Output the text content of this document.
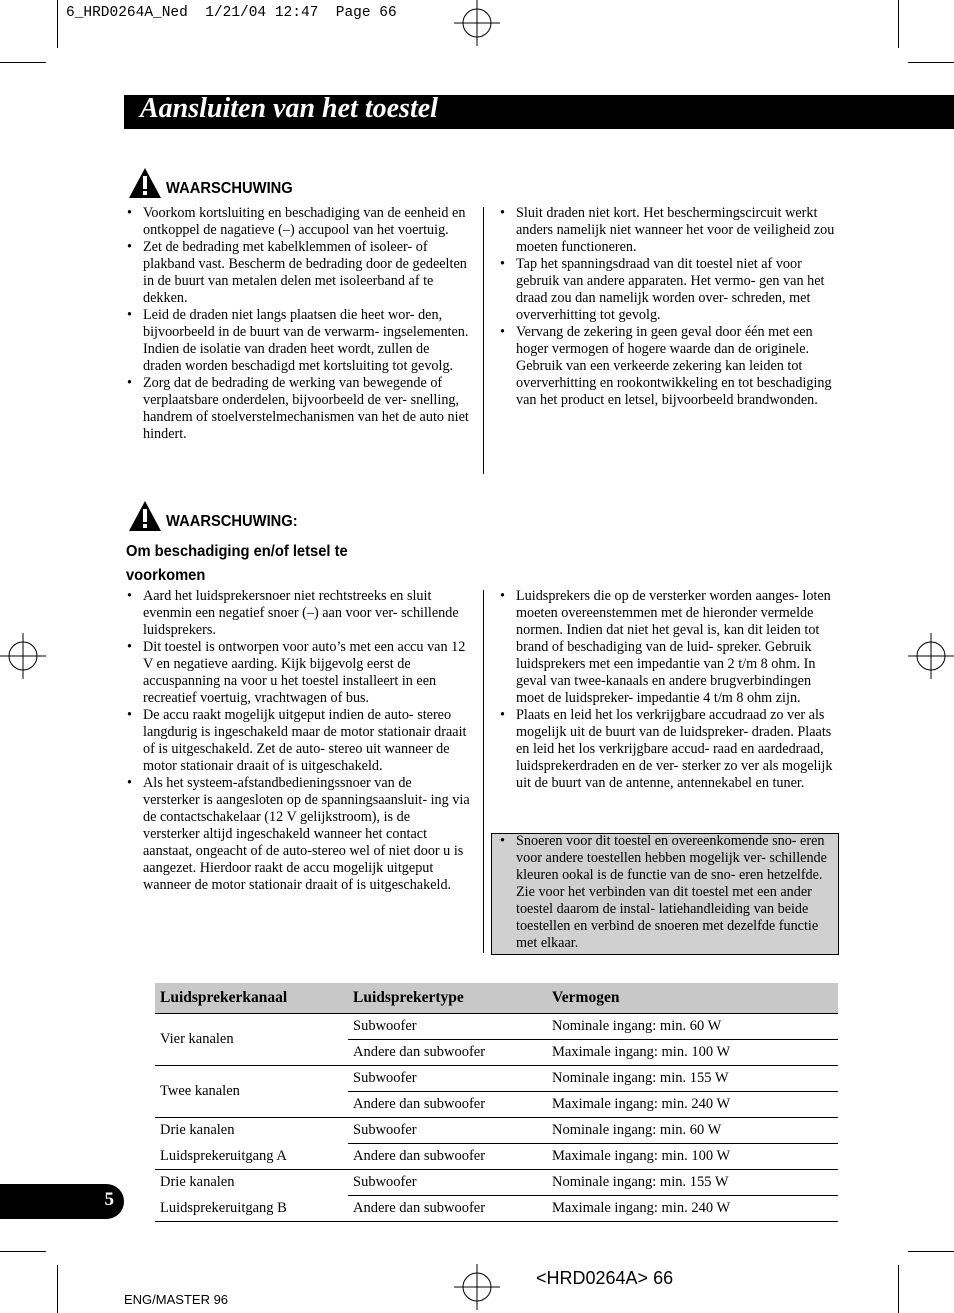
6_HRD0264A_Ned  1/21/04 12:47  Page 66
Aansluiten van het toestel
WAARSCHUWING
• Voorkom kortsluiting en beschadiging van de eenheid en ontkoppel de nagatieve (–) accupool van het voertuig.
• Zet de bedrading met kabelklemmen of isoleer- of plakband vast. Bescherm de bedrading door de gedeelten in de buurt van metalen delen met isoleerband af te dekken.
• Leid de draden niet langs plaatsen die heet wor- den, bijvoorbeeld in de buurt van de verwarm- ingselementen. Indien de isolatie van draden heet wordt, zullen de draden worden beschadigd met kortsluiting tot gevolg.
• Zorg dat de bedrading de werking van bewegende of verplaatsbare onderdelen, bijvoorbeeld de ver- snelling, handrem of stoelverstelmechanismen van het de auto niet hindert.
• Sluit draden niet kort. Het beschermingscircuit werkt anders namelijk niet wanneer het voor de veiligheid zou moeten functioneren.
• Tap het spanningsdraad van dit toestel niet af voor gebruik van andere apparaten. Het vermo- gen van het draad zou dan namelijk worden over- schreden, met oververhitting tot gevolg.
• Vervang de zekering in geen geval door één met een hoger vermogen of hogere waarde dan de originele. Gebruik van een verkeerde zekering kan leiden tot oververhitting en rookontwikkeling en tot beschadiging van het product en letsel, bijvoorbeeld brandwonden.
WAARSCHUWING:
Om beschadiging en/of letsel te
voorkomen
• Aard het luidsprekersnoer niet rechtstreeks en sluit evenmin een negatief snoer (–) aan voor ver- schillende luidsprekers.
• Dit toestel is ontworpen voor auto’s met een accu van 12 V en negatieve aarding. Kijk bijgevolg eerst de accuspanning na voor u het toestel installeert in een recreatief voertuig, vrachtwagen of bus.
• De accu raakt mogelijk uitgeput indien de auto- stereo langdurig is ingeschakeld maar de motor stationair draait of is uitgeschakeld. Zet de auto- stereo uit wanneer de motor stationair draait of is uitgeschakeld.
• Als het systeem-afstandbedieningssnoer van de versterker is aangesloten op de spanningsaansluit- ing via de contactschakelaar (12 V gelijkstroom), is de versterker altijd ingeschakeld wanneer het contact aanstaat, ongeacht of de auto-stereo wel of niet door u is aangezet. Hierdoor raakt de accu mogelijk uitgeput wanneer de motor stationair draait of is uitgeschakeld.
• Luidsprekers die op de versterker worden aanges- loten moeten overeenstemmen met de hieronder vermelde normen. Indien dat niet het geval is, kan dit leiden tot brand of beschadiging van de luid- spreker. Gebruik luidsprekers met een impedantie van 2 t/m 8 ohm. In geval van twee-kanaals en andere brugverbindingen moet de luidspreker- impedantie 4 t/m 8 ohm zijn.
• Plaats en leid het los verkrijgbare accudraad zo ver als mogelijk uit de buurt van de luidspreker- draden. Plaats en leid het los verkrijgbare accud- raad en aardedraad, luidsprekerdraden en de ver- sterker zo ver als mogelijk uit de buurt van de antenne, antennekabel en tuner.
• Snoeren voor dit toestel en overeenkomende sno- eren voor andere toestellen hebben mogelijk ver- schillende kleuren ookal is de functie van de sno- eren hetzelfde. Zie voor het verbinden van dit toestel met een ander toestel daarom de instal- latiehandleiding van beide toestellen en verbind de snoeren met dezelfde functie met elkaar.
Luidsprekerkanaal	Luidsprekertype	Vermogen
Vier kanalen	Subwoofer	Nominale ingang: min. 60 W
	Andere dan subwoofer	Maximale ingang: min. 100 W
Twee kanalen	Subwoofer	Nominale ingang: min. 155 W
	Andere dan subwoofer	Maximale ingang: min. 240 W
Drie kanalen	Subwoofer	Nominale ingang: min. 60 W
Luidsprekeruitgang A	Andere dan subwoofer	Maximale ingang: min. 100 W
Drie kanalen	Subwoofer	Nominale ingang: min. 155 W
Luidsprekeruitgang B	Andere dan subwoofer	Maximale ingang: min. 240 W
5
<HRD0264A> 66
ENG/MASTER 96
